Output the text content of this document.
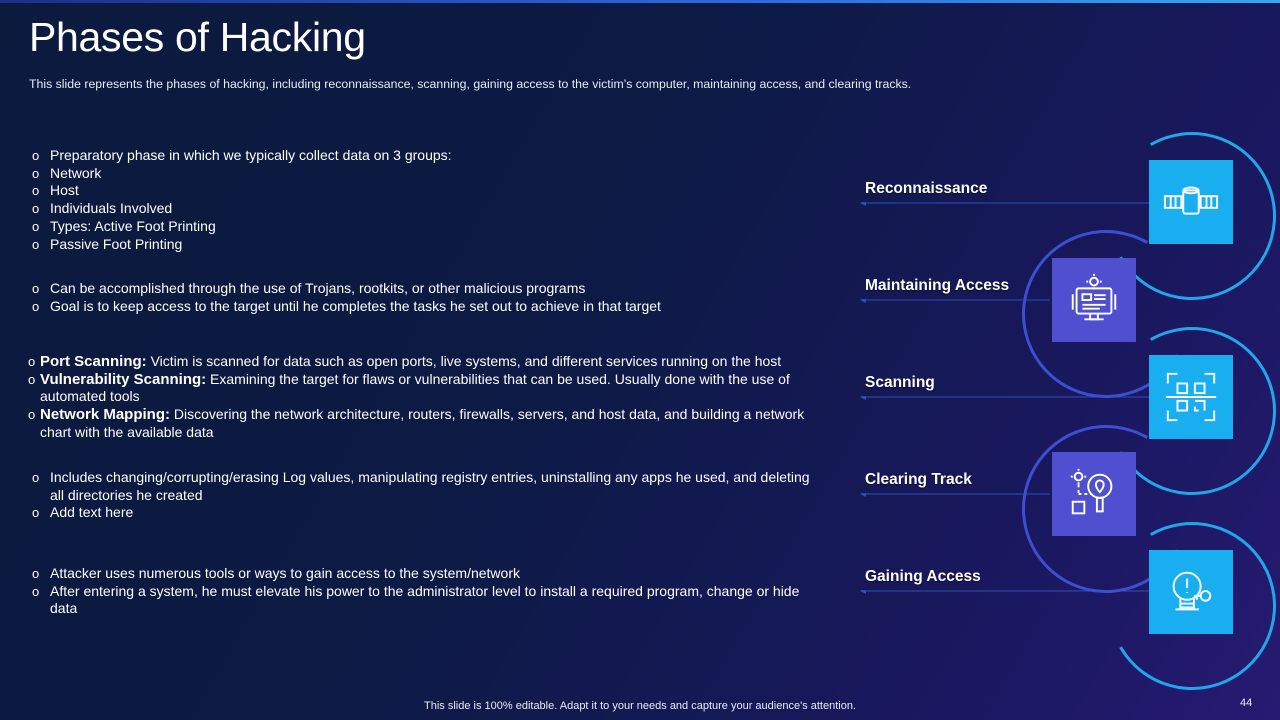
Phases of Hacking
This slide represents the phases of hacking, including reconnaissance, scanning, gaining access to the victim’s computer, maintaining access, and clearing tracks.
o Preparatory phase in which we typically collect data on 3 groups:
o Network
o Host
o Individuals Involved
o Types: Active Foot Printing
o Passive Foot Printing
o Can be accomplished through the use of Trojans, rootkits, or other malicious programs
o Goal is to keep access to the target until he completes the tasks he set out to achieve in that target
o Port Scanning: Victim is scanned for data such as open ports, live systems, and different services running on the host
o Vulnerability Scanning: Examining the target for flaws or vulnerabilities that can be used. Usually done with the use of automated tools
o Network Mapping: Discovering the network architecture, routers, firewalls, servers, and host data, and building a network chart with the available data
o Includes changing/corrupting/erasing Log values, manipulating registry entries, uninstalling any apps he used, and deleting all directories he created
o Add text here
o Attacker uses numerous tools or ways to gain access to the system/network
o After entering a system, he must elevate his power to the administrator level to install a required program, change or hide data
Reconnaissance
Maintaining Access
Scanning
Clearing Track
Gaining Access
This slide is 100% editable. Adapt it to your needs and capture your audience's attention.	44
